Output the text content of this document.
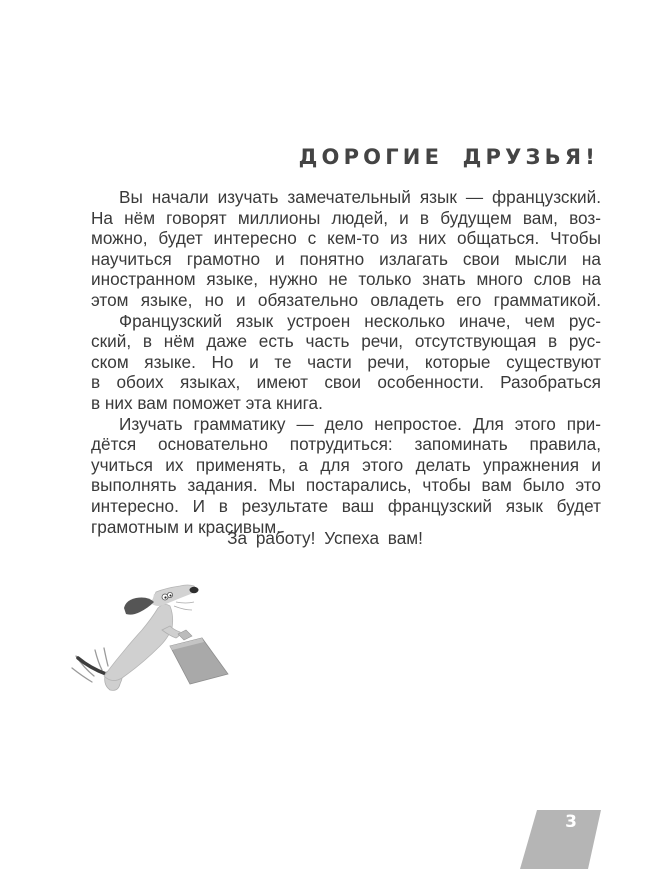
ДОРОГИЕ ДРУЗЬЯ!
Вы начали изучать замечательный язык — французский.
На нём говорят миллионы людей, и в будущем вам, воз-
можно, будет интересно с кем-то из них общаться. Чтобы
научиться грамотно и понятно излагать свои мысли на
иностранном языке, нужно не только знать много слов на
этом языке, но и обязательно овладеть его грамматикой.
Французский язык устроен несколько иначе, чем рус-
ский, в нём даже есть часть речи, отсутствующая в рус-
ском языке. Но и те части речи, которые существуют
в обоих языках, имеют свои особенности. Разобраться
в них вам поможет эта книга.
Изучать грамматику — дело непростое. Для этого при-
дётся основательно потрудиться: запоминать правила,
учиться их применять, а для этого делать упражнения и
выполнять задания. Мы постарались, чтобы вам было это
интересно. И в результате ваш французский язык будет
грамотным и красивым.
За работу! Успеха вам!
3
